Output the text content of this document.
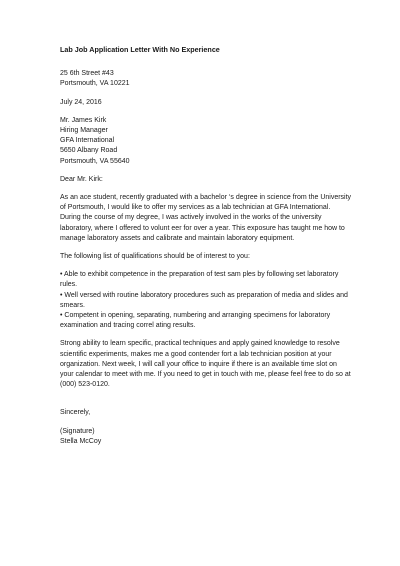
Lab Job Application Letter With No Experience
25 6th Street #43
Portsmouth, VA 10221
July 24, 2016
Mr. James Kirk
Hiring Manager
GFA International
5650 Albany Road
Portsmouth, VA 55640
Dear Mr. Kirk:
As an ace student, recently graduated with a bachelor ‘s degree in science from the University
of Portsmouth, I would like to offer my services as a lab technician at GFA International.
During the course of my degree, I was actively involved in the works of the university
laboratory, where I offered to volunt eer for over a year. This exposure has taught me how to
manage laboratory assets and calibrate and maintain laboratory equipment.
The following list of qualifications should be of interest to you:
• Able to exhibit competence in the preparation of test sam ples by following set laboratory
rules.
• Well versed with routine laboratory procedures such as preparation of media and slides and
smears.
• Competent in opening, separating, numbering and arranging specimens for laboratory
examination and tracing correl ating results.
Strong ability to learn specific, practical techniques and apply gained knowledge to resolve
scientific experiments, makes me a good contender fort a lab technician position at your
organization. Next week, I will call your office to inquire if there is an available time slot on
your calendar to meet with me. If you need to get in touch with me, please feel free to do so at
(000) 523-0120.
Sincerely,
(Signature)
Stella McCoy
